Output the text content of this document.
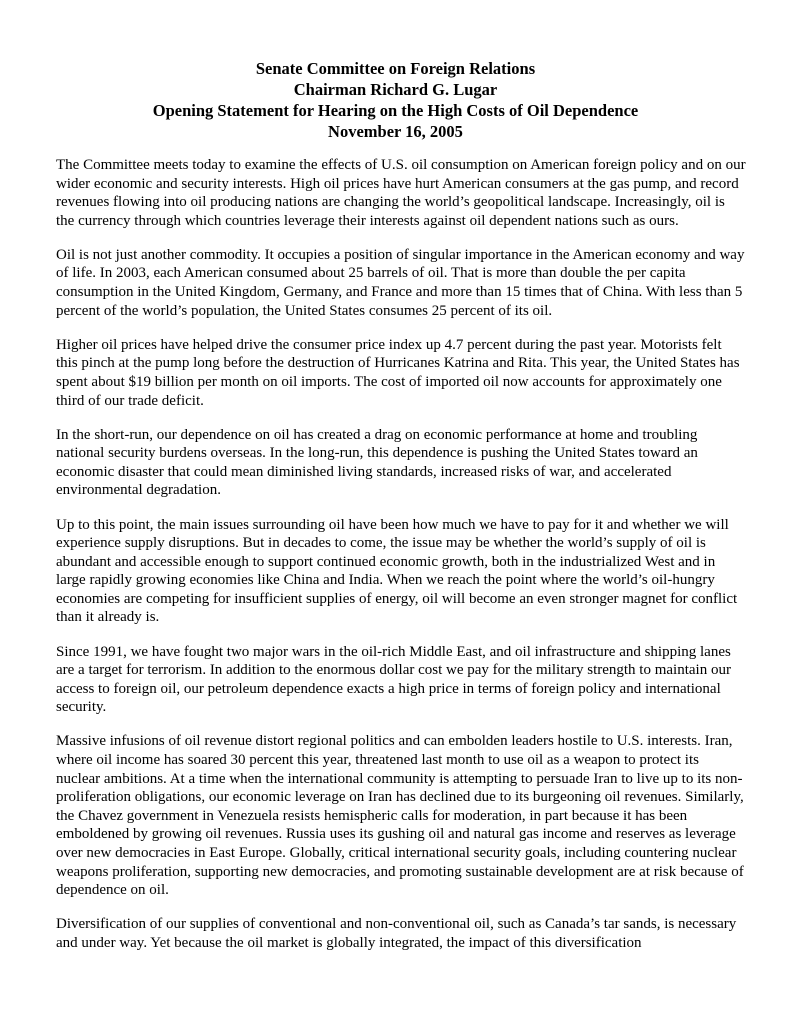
Senate Committee on Foreign Relations
Chairman Richard G. Lugar
Opening Statement for Hearing on the High Costs of Oil Dependence
November 16, 2005

The Committee meets today to examine the effects of U.S. oil consumption on American foreign policy and on our wider economic and security interests. High oil prices have hurt American consumers at the gas pump, and record revenues flowing into oil producing nations are changing the world’s geopolitical landscape. Increasingly, oil is the currency through which countries leverage their interests against oil dependent nations such as ours.

Oil is not just another commodity. It occupies a position of singular importance in the American economy and way of life. In 2003, each American consumed about 25 barrels of oil. That is more than double the per capita consumption in the United Kingdom, Germany, and France and more than 15 times that of China. With less than 5 percent of the world’s population, the United States consumes 25 percent of its oil.

Higher oil prices have helped drive the consumer price index up 4.7 percent during the past year. Motorists felt this pinch at the pump long before the destruction of Hurricanes Katrina and Rita. This year, the United States has spent about $19 billion per month on oil imports. The cost of imported oil now accounts for approximately one third of our trade deficit.

In the short-run, our dependence on oil has created a drag on economic performance at home and troubling national security burdens overseas. In the long-run, this dependence is pushing the United States toward an economic disaster that could mean diminished living standards, increased risks of war, and accelerated environmental degradation.

Up to this point, the main issues surrounding oil have been how much we have to pay for it and whether we will experience supply disruptions. But in decades to come, the issue may be whether the world’s supply of oil is abundant and accessible enough to support continued economic growth, both in the industrialized West and in large rapidly growing economies like China and India. When we reach the point where the world’s oil-hungry economies are competing for insufficient supplies of energy, oil will become an even stronger magnet for conflict than it already is.

Since 1991, we have fought two major wars in the oil-rich Middle East, and oil infrastructure and shipping lanes are a target for terrorism. In addition to the enormous dollar cost we pay for the military strength to maintain our access to foreign oil, our petroleum dependence exacts a high price in terms of foreign policy and international security.

Massive infusions of oil revenue distort regional politics and can embolden leaders hostile to U.S. interests. Iran, where oil income has soared 30 percent this year, threatened last month to use oil as a weapon to protect its nuclear ambitions. At a time when the international community is attempting to persuade Iran to live up to its non-proliferation obligations, our economic leverage on Iran has declined due to its burgeoning oil revenues. Similarly, the Chavez government in Venezuela resists hemispheric calls for moderation, in part because it has been emboldened by growing oil revenues. Russia uses its gushing oil and natural gas income and reserves as leverage over new democracies in East Europe. Globally, critical international security goals, including countering nuclear weapons proliferation, supporting new democracies, and promoting sustainable development are at risk because of dependence on oil.

Diversification of our supplies of conventional and non-conventional oil, such as Canada’s tar sands, is necessary and under way. Yet because the oil market is globally integrated, the impact of this diversification
